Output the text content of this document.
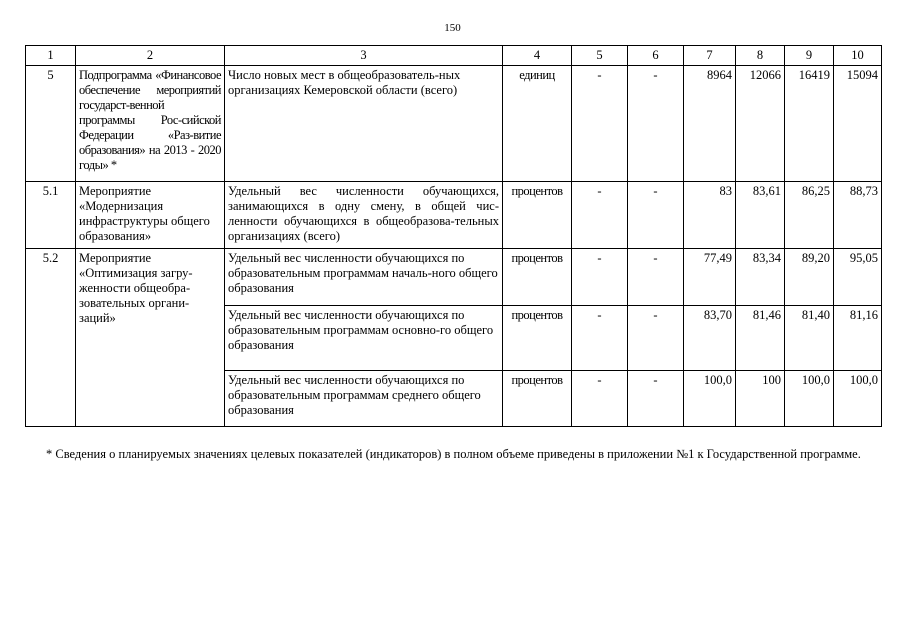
150
1	2	3	4	5	6	7	8	9	10
5	Подпрограмма «Финансовое обеспечение мероприятий государст-венной программы Рос-сийской Федерации «Раз-витие образования» на 2013 - 2020 годы» *	Число новых мест в общеобразователь-ных организациях Кемеровской области (всего)	единиц	-	-	8964	12066	16419	15094
5.1	Мероприятие «Модернизация инфраструктуры общего образования»	Удельный вес численности обучающихся, занимающихся в одну смену, в общей чис-ленности обучающихся в общеобразова-тельных организациях (всего)	процентов	-	-	83	83,61	86,25	88,73
5.2	Мероприятие «Оптимизация загру-женности общеобра-зовательных органи-заций»	Удельный вес численности обучающихся по образовательным программам началь-ного общего образования	процентов	-	-	77,49	83,34	89,20	95,05
		Удельный вес численности обучающихся по образовательным программам основно-го общего образования	процентов	-	-	83,70	81,46	81,40	81,16
		Удельный вес численности обучающихся по образовательным программам среднего общего образования	процентов	-	-	100,0	100	100,0	100,0
* Сведения о планируемых значениях целевых показателей (индикаторов) в полном объеме приведены в приложении №1 к Государственной программе.
